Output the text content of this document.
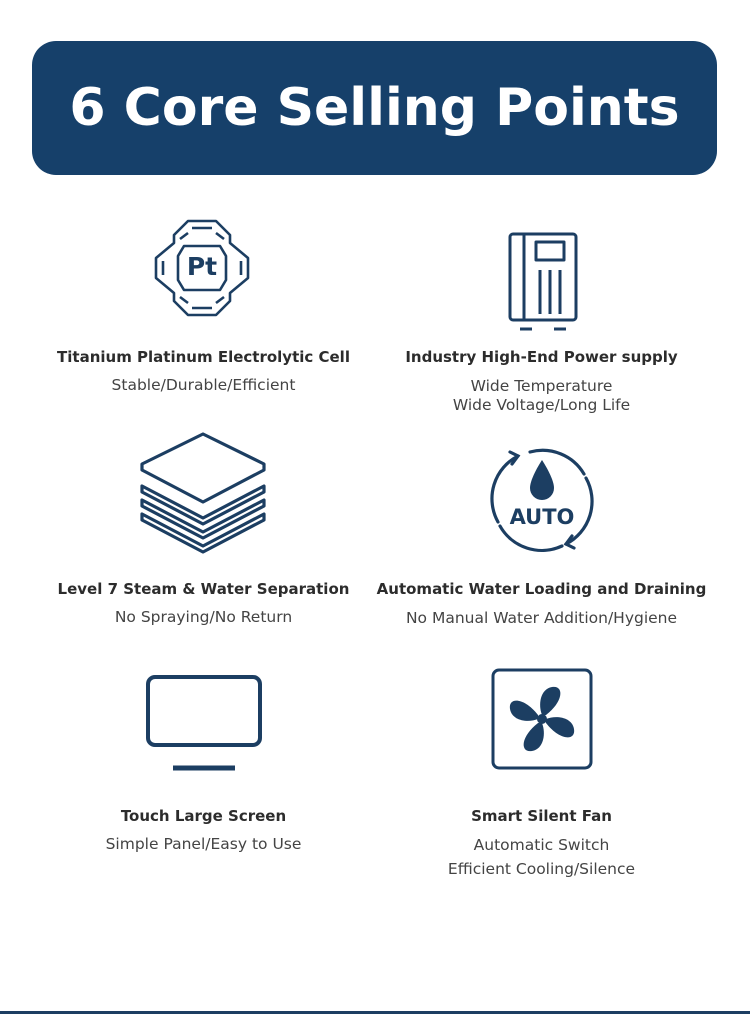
6 Core Selling Points
Pt
Titanium Platinum Electrolytic Cell
Stable/Durable/Efficient
Industry High-End Power supply
Wide Temperature
Wide Voltage/Long Life
Level 7 Steam & Water Separation
No Spraying/No Return
AUTO
Automatic Water Loading and Draining
No Manual Water Addition/Hygiene
Touch Large Screen
Simple Panel/Easy to Use
Smart Silent Fan
Automatic Switch
Efficient Cooling/Silence
